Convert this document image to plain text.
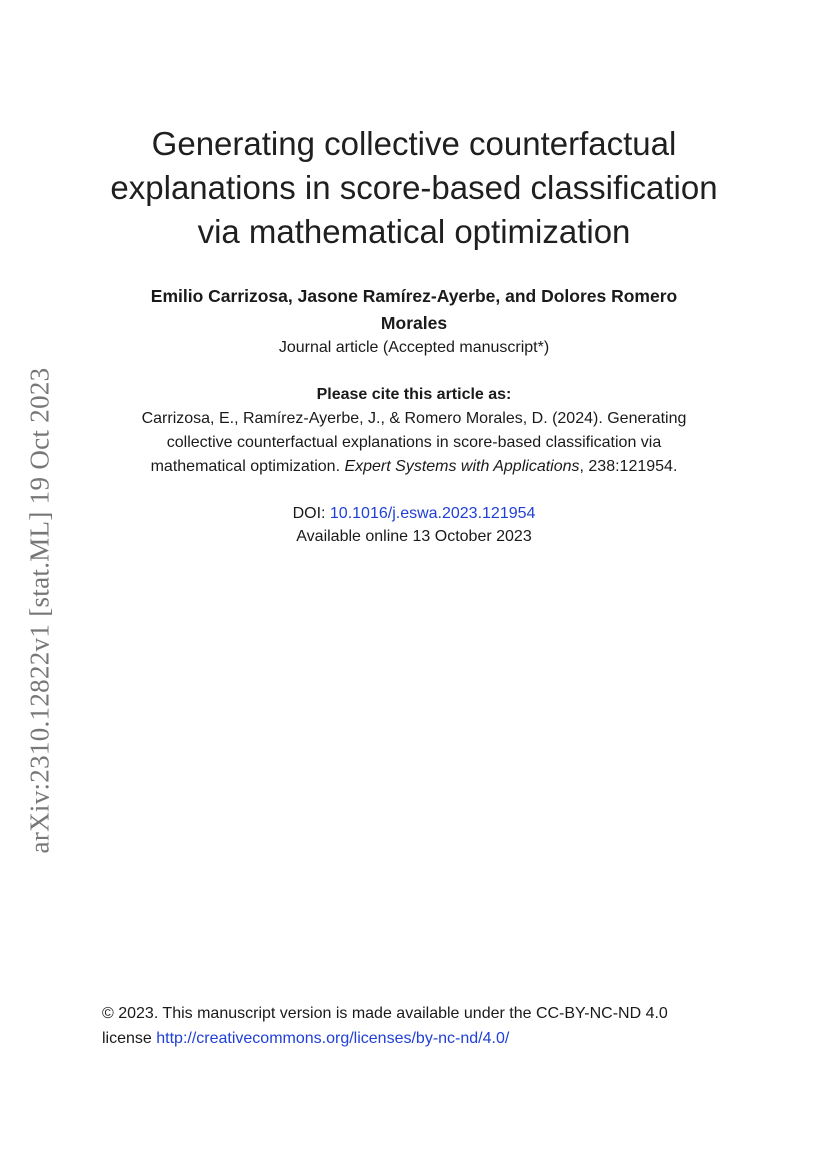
arXiv:2310.12822v1 [stat.ML] 19 Oct 2023
Generating collective counterfactual
explanations in score-based classification
via mathematical optimization
Emilio Carrizosa, Jasone Ramírez-Ayerbe, and Dolores Romero
Morales
Journal article (Accepted manuscript*)
Please cite this article as:
Carrizosa, E., Ramírez-Ayerbe, J., & Romero Morales, D. (2024). Generating
collective counterfactual explanations in score-based classification via
mathematical optimization. Expert Systems with Applications, 238:121954.
DOI: 10.1016/j.eswa.2023.121954
Available online 13 October 2023
© 2023. This manuscript version is made available under the CC-BY-NC-ND 4.0
license http://creativecommons.org/licenses/by-nc-nd/4.0/
